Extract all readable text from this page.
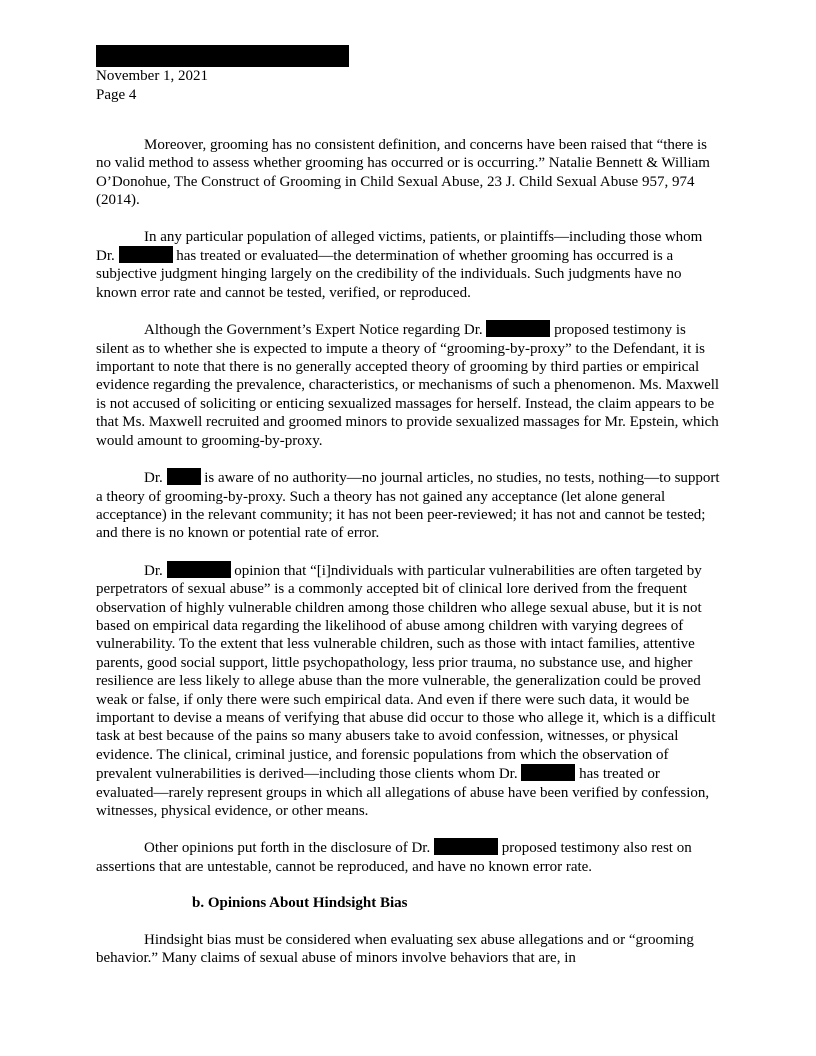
November 1, 2021
Page 4

Moreover, grooming has no consistent definition, and concerns have been raised that “there is no valid method to assess whether grooming has occurred or is occurring.” Natalie Bennett & William O’Donohue, The Construct of Grooming in Child Sexual Abuse, 23 J. Child Sexual Abuse 957, 974 (2014).

In any particular population of alleged victims, patients, or plaintiffs—including those whom Dr.	has treated or evaluated—the determination of whether grooming has occurred is a subjective judgment hinging largely on the credibility of the individuals. Such judgments have no known error rate and cannot be tested, verified, or reproduced.

Although the Government’s Expert Notice regarding Dr.	proposed testimony is silent as to whether she is expected to impute a theory of “grooming-by-proxy” to the Defendant, it is important to note that there is no generally accepted theory of grooming by third parties or empirical evidence regarding the prevalence, characteristics, or mechanisms of such a phenomenon. Ms. Maxwell is not accused of soliciting or enticing sexualized massages for herself. Instead, the claim appears to be that Ms. Maxwell recruited and groomed minors to provide sexualized massages for Mr. Epstein, which would amount to grooming-by-proxy.

Dr.	is aware of no authority—no journal articles, no studies, no tests, nothing—to support a theory of grooming-by-proxy. Such a theory has not gained any acceptance (let alone general acceptance) in the relevant community; it has not been peer-reviewed; it has not and cannot be tested; and there is no known or potential rate of error.

Dr.	opinion that “[i]ndividuals with particular vulnerabilities are often targeted by perpetrators of sexual abuse” is a commonly accepted bit of clinical lore derived from the frequent observation of highly vulnerable children among those children who allege sexual abuse, but it is not based on empirical data regarding the likelihood of abuse among children with varying degrees of vulnerability. To the extent that less vulnerable children, such as those with intact families, attentive parents, good social support, little psychopathology, less prior trauma, no substance use, and higher resilience are less likely to allege abuse than the more vulnerable, the generalization could be proved weak or false, if only there were such empirical data. And even if there were such data, it would be important to devise a means of verifying that abuse did occur to those who allege it, which is a difficult task at best because of the pains so many abusers take to avoid confession, witnesses, or physical evidence. The clinical, criminal justice, and forensic populations from which the observation of prevalent vulnerabilities is derived—including those clients whom Dr.	has treated or evaluated—rarely represent groups in which all allegations of abuse have been verified by confession, witnesses, physical evidence, or other means.

Other opinions put forth in the disclosure of Dr.	proposed testimony also rest on assertions that are untestable, cannot be reproduced, and have no known error rate.

b. Opinions About Hindsight Bias

Hindsight bias must be considered when evaluating sex abuse allegations and or “grooming behavior.” Many claims of sexual abuse of minors involve behaviors that are, in
